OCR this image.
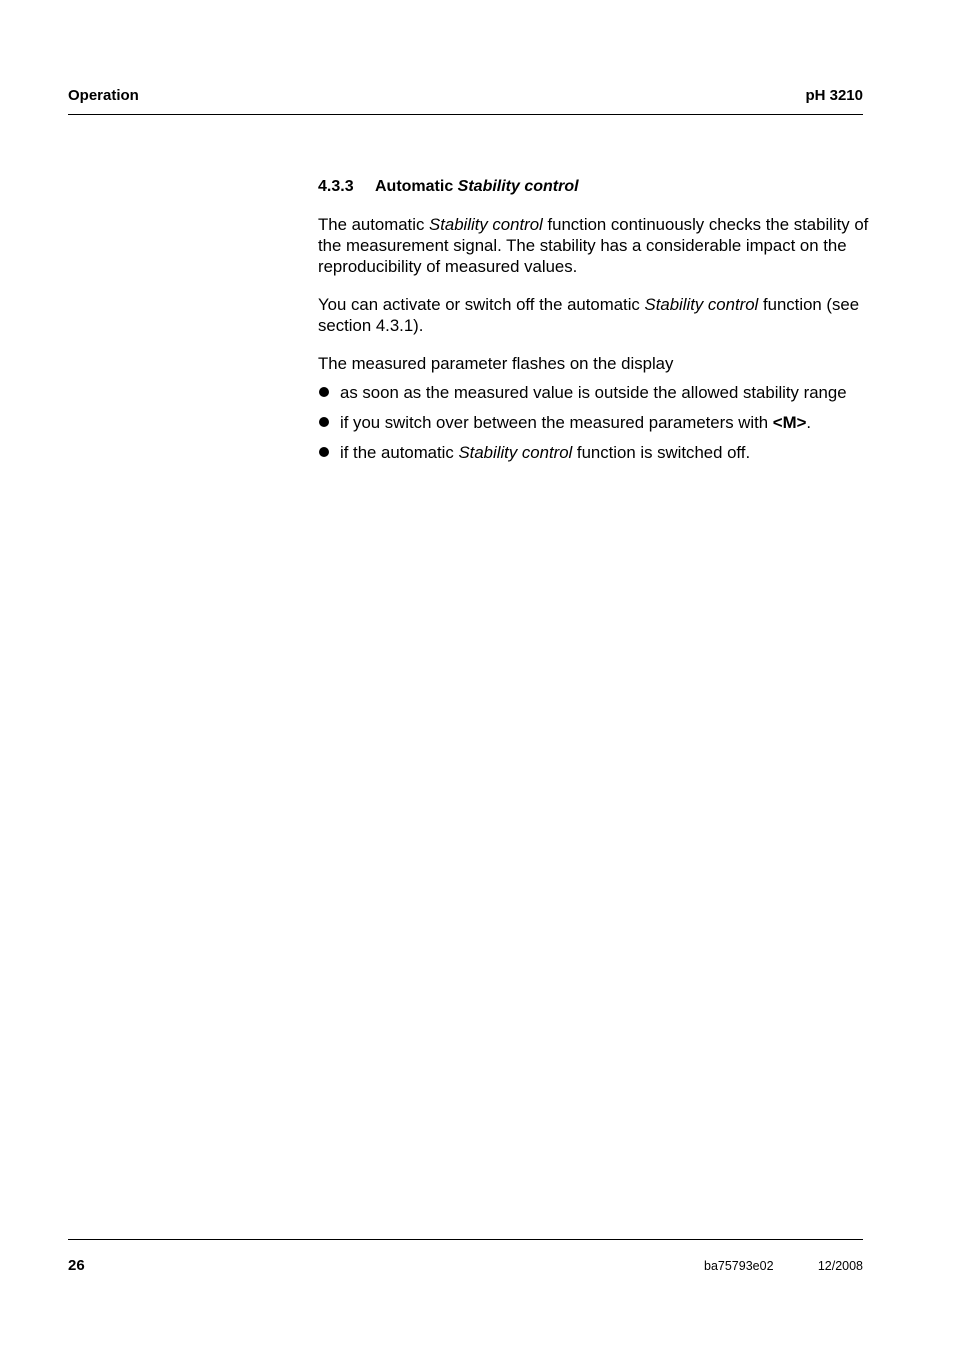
Operation	pH 3210
4.3.3 Automatic Stability control

The automatic Stability control function continuously checks the stability of the measurement signal. The stability has a considerable impact on the reproducibility of measured values.

You can activate or switch off the automatic Stability control function (see section 4.3.1).

The measured parameter flashes on the display

as soon as the measured value is outside the allowed stability range
if you switch over between the measured parameters with <M>.
if the automatic Stability control function is switched off.
26	ba75793e02	12/2008
